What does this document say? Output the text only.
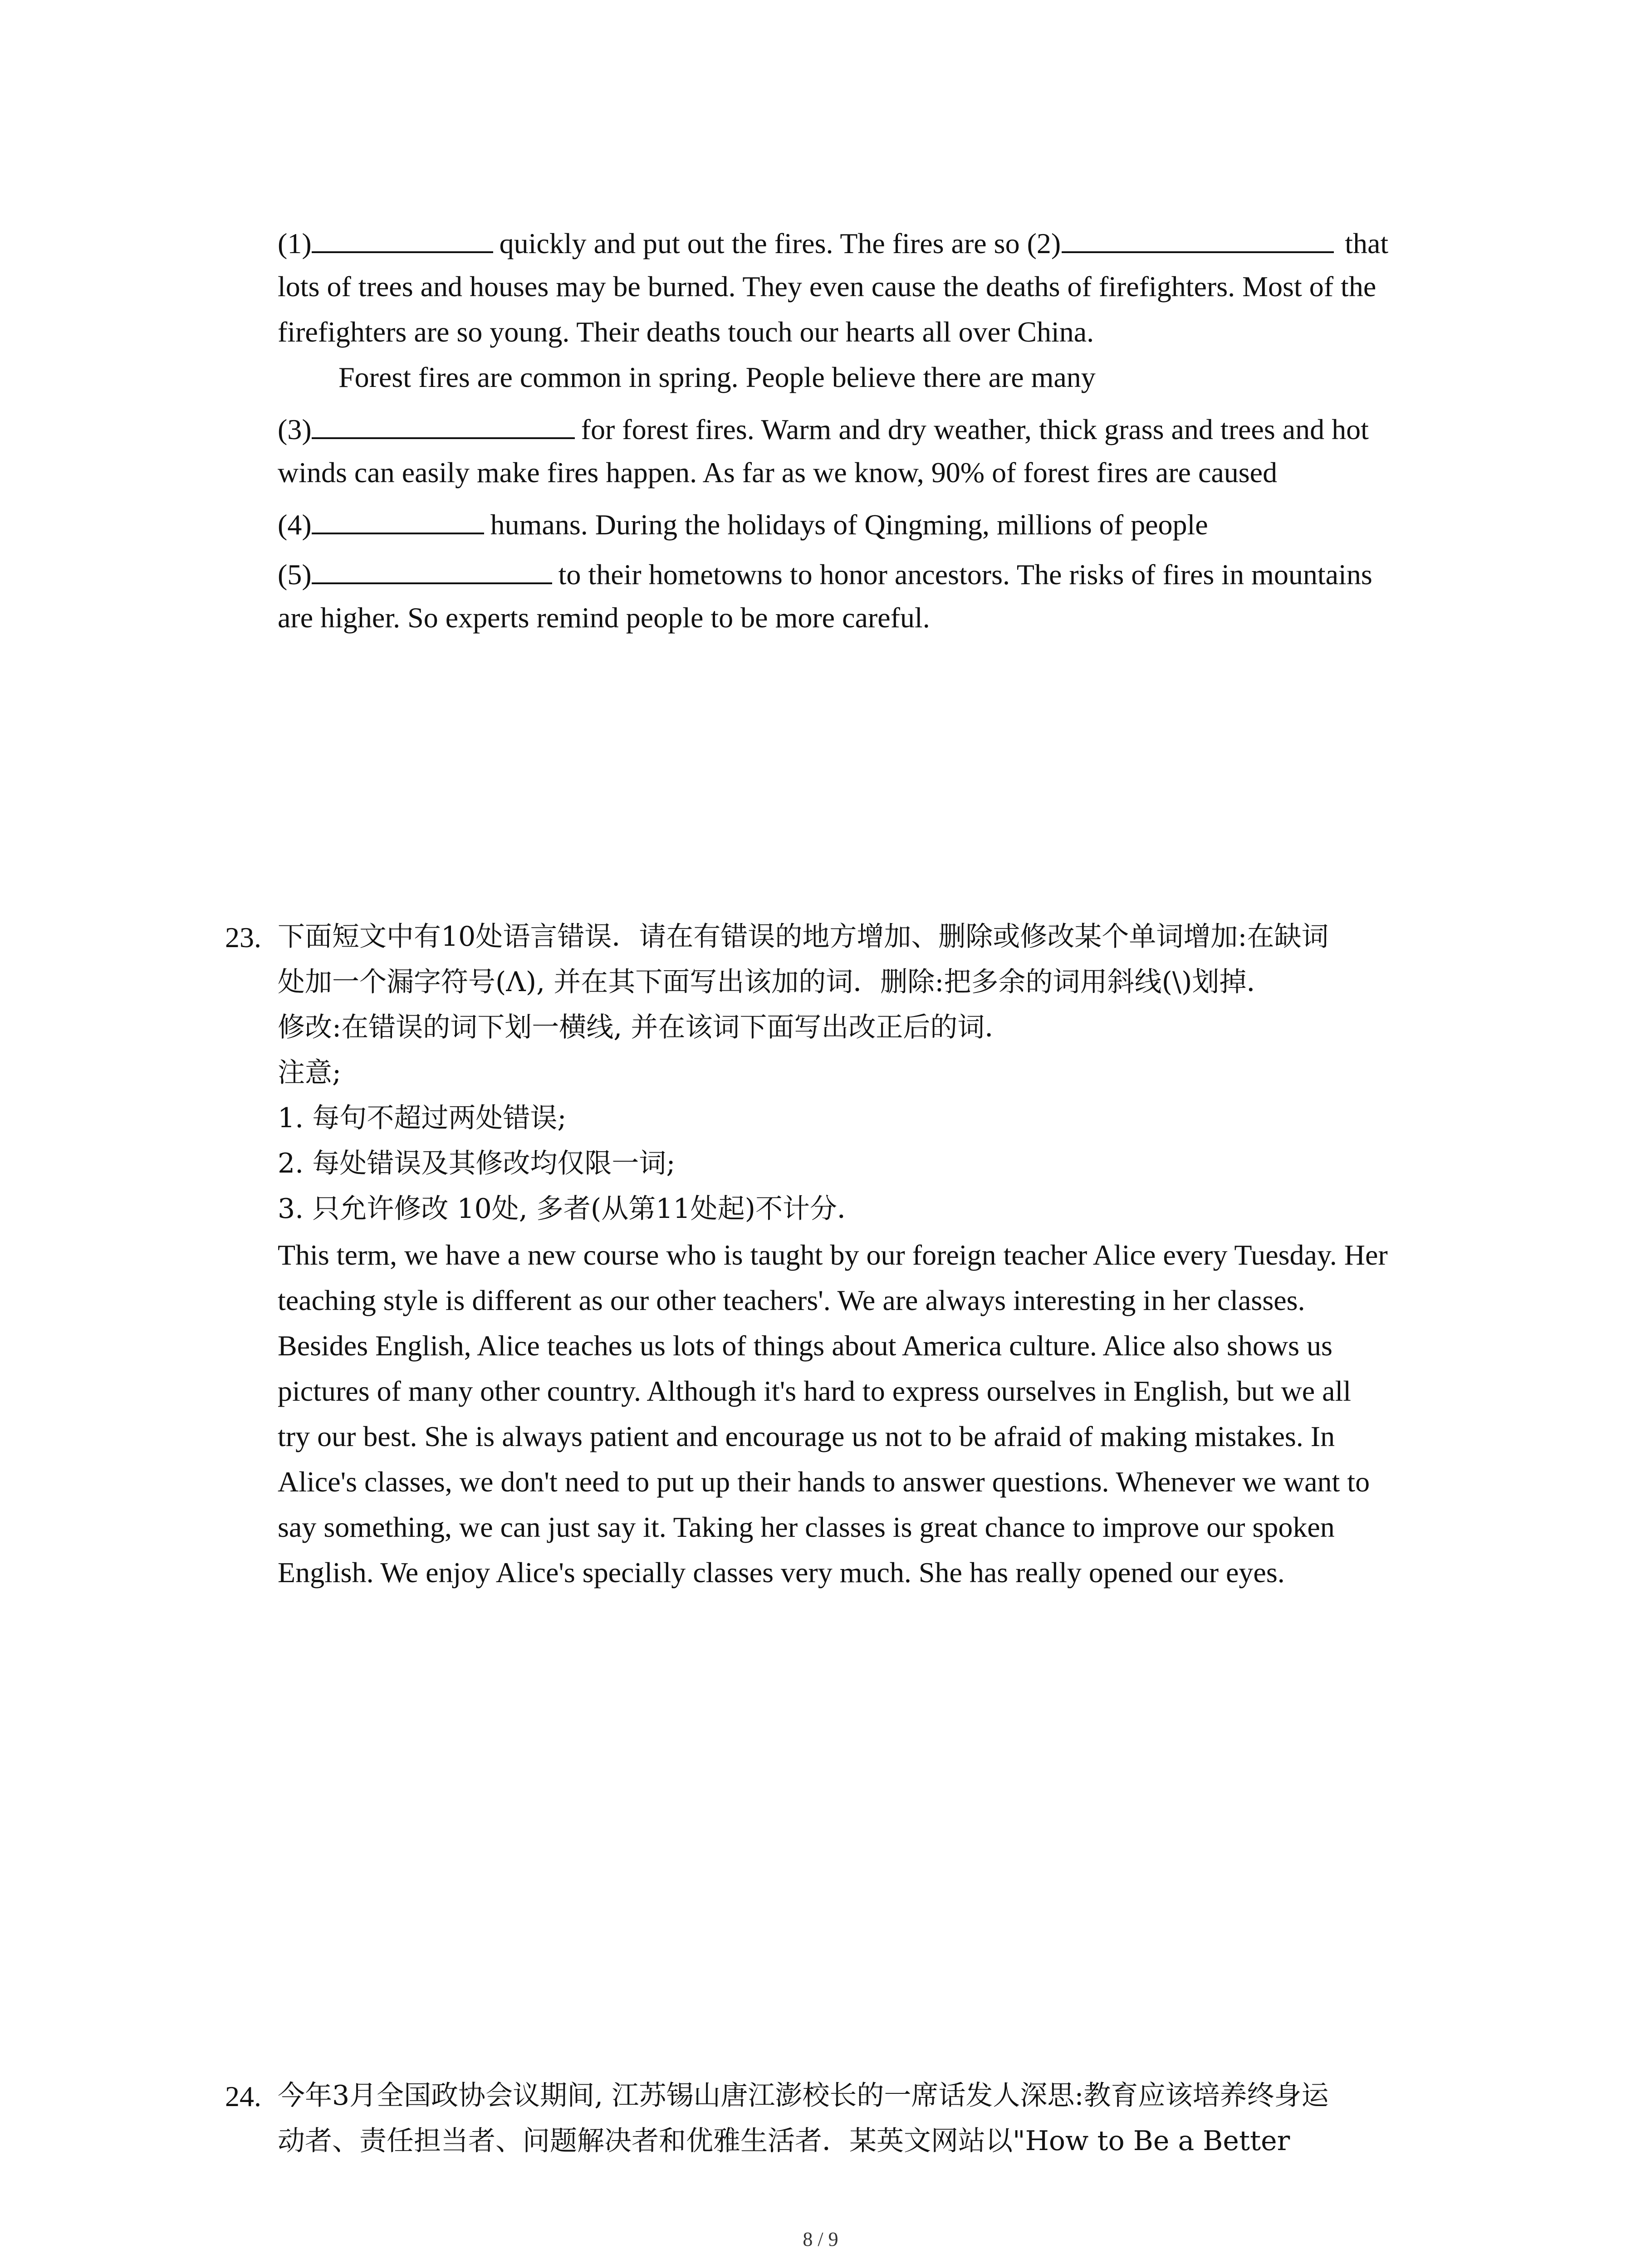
(1)	quickly and put out the fires. The fires are so (2)	that
lots of trees and houses may be burned. They even cause the deaths of firefighters. Most of the
firefighters are so young. Their deaths touch our hearts all over China.
Forest fires are common in spring. People believe there are many
(3)	for forest fires. Warm and dry weather, thick grass and trees and hot
winds can easily make fires happen. As far as we know, 90% of forest fires are caused
(4)	humans. During the holidays of Qingming, millions of people
(5)	to their hometowns to honor ancestors. The risks of fires in mountains
are higher. So experts remind people to be more careful.
23. 下面短文中有10处语言错误．请在有错误的地方增加、删除或修改某个单词增加:在缺词
处加一个漏字符号(Λ), 并在其下面写出该加的词．删除:把多余的词用斜线(\)划掉．
修改:在错误的词下划一横线, 并在该词下面写出改正后的词．
注意;
1. 每句不超过两处错误;
2. 每处错误及其修改均仅限一词;
3. 只允许修改 10处, 多者(从第11处起)不计分．
This term, we have a new course who is taught by our foreign teacher Alice every Tuesday. Her
teaching style is different as our other teachers'. We are always interesting in her classes.
Besides English, Alice teaches us lots of things about America culture. Alice also shows us
pictures of many other country. Although it's hard to express ourselves in English, but we all
try our best. She is always patient and encourage us not to be afraid of making mistakes. In
Alice's classes, we don't need to put up their hands to answer questions. Whenever we want to
say something, we can just say it. Taking her classes is great chance to improve our spoken
English. We enjoy Alice's specially classes very much. She has really opened our eyes.
24. 今年3月全国政协会议期间, 江苏锡山唐江澎校长的一席话发人深思:教育应该培养终身运
动者、责任担当者、问题解决者和优雅生活者．某英文网站以"How to Be a Better
8 / 9
